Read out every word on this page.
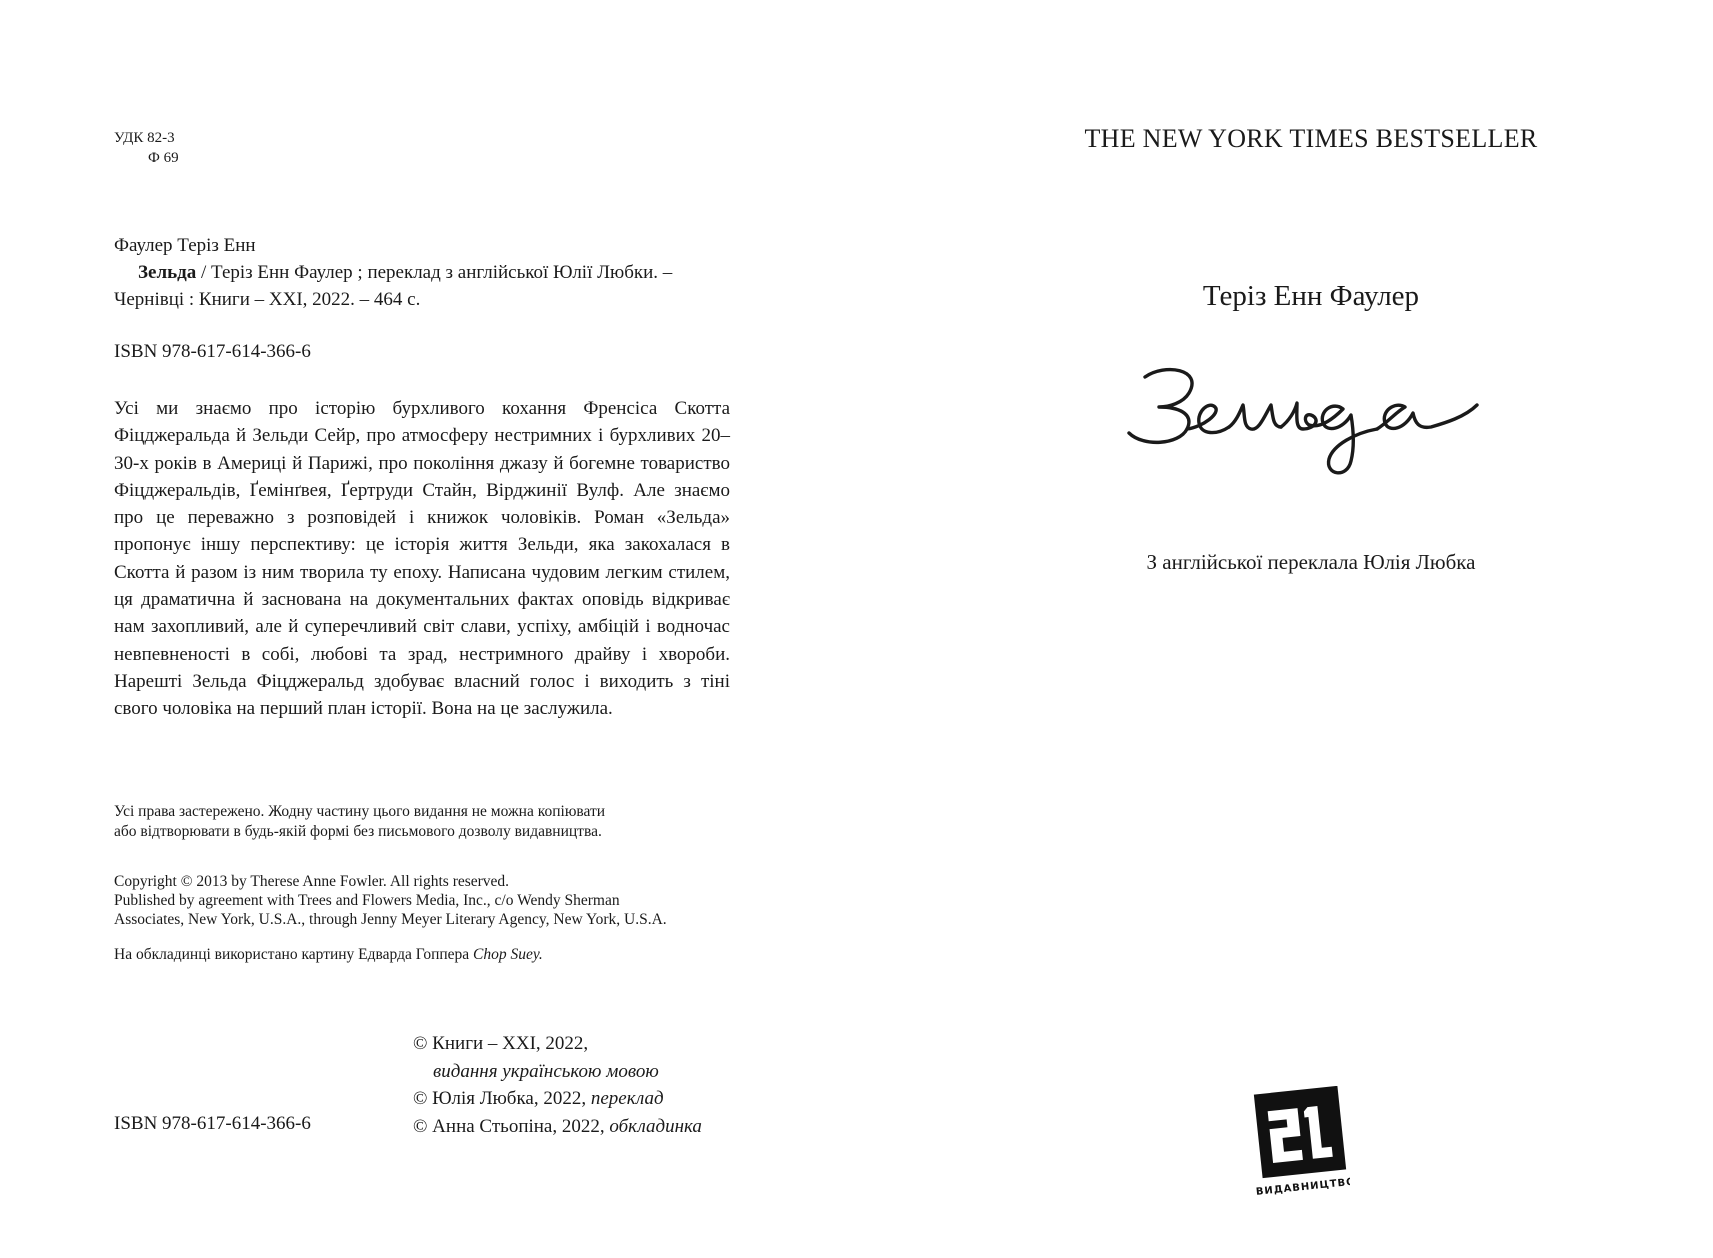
УДК 82-3
Ф 69
Фаулер Теріз Енн
Зельда / Теріз Енн Фаулер ; переклад з англійської Юлії Любки. –
Чернівці : Книги – XXI, 2022. – 464 с.
ISBN 978-617-614-366-6

Усі ми знаємо про історію бурхливого кохання Френсіса Скотта Фіцджеральда й Зельди Сейр, про атмосферу нестримних і бурхливих 20–30-х років в Америці й Парижі, про покоління джазу й богемне товариство Фіцджеральдів, Ґемінґвея, Ґертруди Стайн, Вірджинії Вулф. Але знаємо про це переважно з розповідей і книжок чоловіків. Роман «Зельда» пропонує іншу перспективу: це історія життя Зельди, яка закохалася в Скотта й разом із ним творила ту епоху. Написана чудовим легким стилем, ця драматична й заснована на документальних фактах оповідь відкриває нам захопливий, але й суперечливий світ слави, успіху, амбіцій і водночас невпевненості в собі, любові та зрад, нестримного драйву і хвороби. Нарешті Зельда Фіцджеральд здобуває власний голос і виходить з тіні свого чоловіка на перший план історії. Вона на це заслужила.

Усі права застережено. Жодну частину цього видання не можна копіювати
або відтворювати в будь-якій формі без письмового дозволу видавництва.
Copyright © 2013 by Therese Anne Fowler. All rights reserved.
Published by agreement with Trees and Flowers Media, Inc., c/o Wendy Sherman
Associates, New York, U.S.A., through Jenny Meyer Literary Agency, New York, U.S.A.
На обкладинці використано картину Едварда Гоппера Chop Suey.
ISBN 978-617-614-366-6
© Книги – XXI, 2022,
видання українською мовою
© Юлія Любка, 2022, переклад
© Анна Стьопіна, 2022, обкладинка
THE NEW YORK TIMES BESTSELLER
Теріз Енн Фаулер
З англійської переклала Юлія Любка
ВИДАВНИЦТВО
